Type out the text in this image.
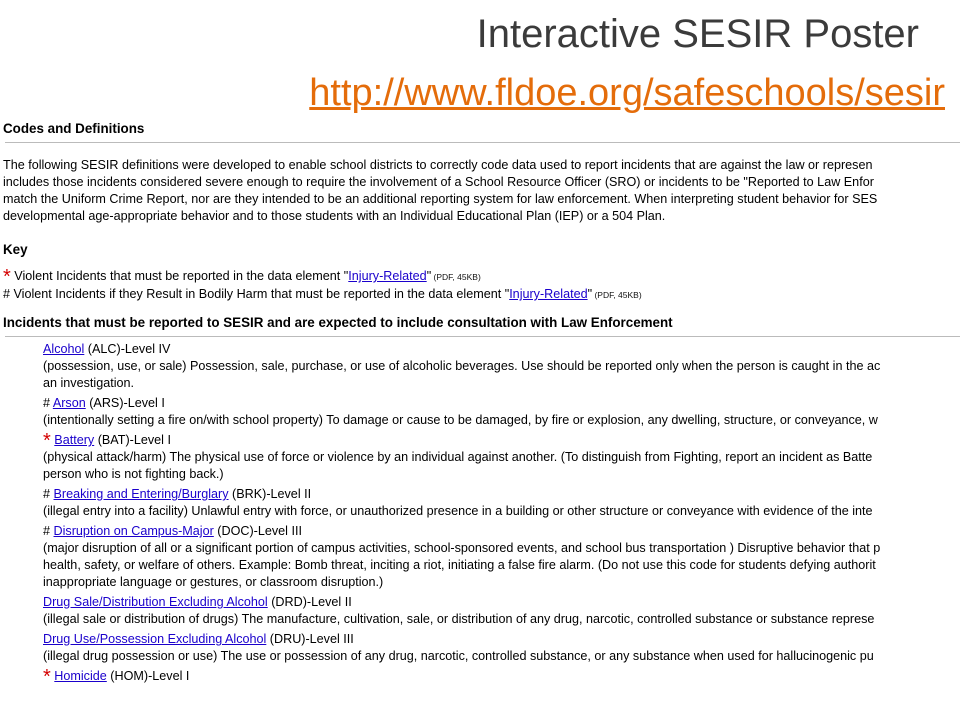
Interactive SESIR Poster
http://www.fldoe.org/safeschools/sesir
Codes and Definitions
The following SESIR definitions were developed to enable school districts to correctly code data used to report incidents that are against the law or represen
includes those incidents considered severe enough to require the involvement of a School Resource Officer (SRO) or incidents to be "Reported to Law Enfor
match the Uniform Crime Report, nor are they intended to be an additional reporting system for law enforcement. When interpreting student behavior for SES
developmental age-appropriate behavior and to those students with an Individual Educational Plan (IEP) or a 504 Plan.
Key
* Violent Incidents that must be reported in the data element "Injury-Related" (PDF, 45KB)
# Violent Incidents if they Result in Bodily Harm that must be reported in the data element "Injury-Related" (PDF, 45KB)
Incidents that must be reported to SESIR and are expected to include consultation with Law Enforcement
Alcohol (ALC)-Level IV
(possession, use, or sale) Possession, sale, purchase, or use of alcoholic beverages. Use should be reported only when the person is caught in the ac
an investigation.
# Arson (ARS)-Level I
(intentionally setting a fire on/with school property) To damage or cause to be damaged, by fire or explosion, any dwelling, structure, or conveyance, w
* Battery (BAT)-Level I
(physical attack/harm) The physical use of force or violence by an individual against another. (To distinguish from Fighting, report an incident as Batte
person who is not fighting back.)
# Breaking and Entering/Burglary (BRK)-Level II
(illegal entry into a facility) Unlawful entry with force, or unauthorized presence in a building or other structure or conveyance with evidence of the inte
# Disruption on Campus-Major (DOC)-Level III
(major disruption of all or a significant portion of campus activities, school-sponsored events, and school bus transportation ) Disruptive behavior that p
health, safety, or welfare of others. Example: Bomb threat, inciting a riot, initiating a false fire alarm. (Do not use this code for students defying authorit
inappropriate language or gestures, or classroom disruption.)
Drug Sale/Distribution Excluding Alcohol (DRD)-Level II
(illegal sale or distribution of drugs) The manufacture, cultivation, sale, or distribution of any drug, narcotic, controlled substance or substance represe
Drug Use/Possession Excluding Alcohol (DRU)-Level III
(illegal drug possession or use) The use or possession of any drug, narcotic, controlled substance, or any substance when used for hallucinogenic pu
* Homicide (HOM)-Level I
